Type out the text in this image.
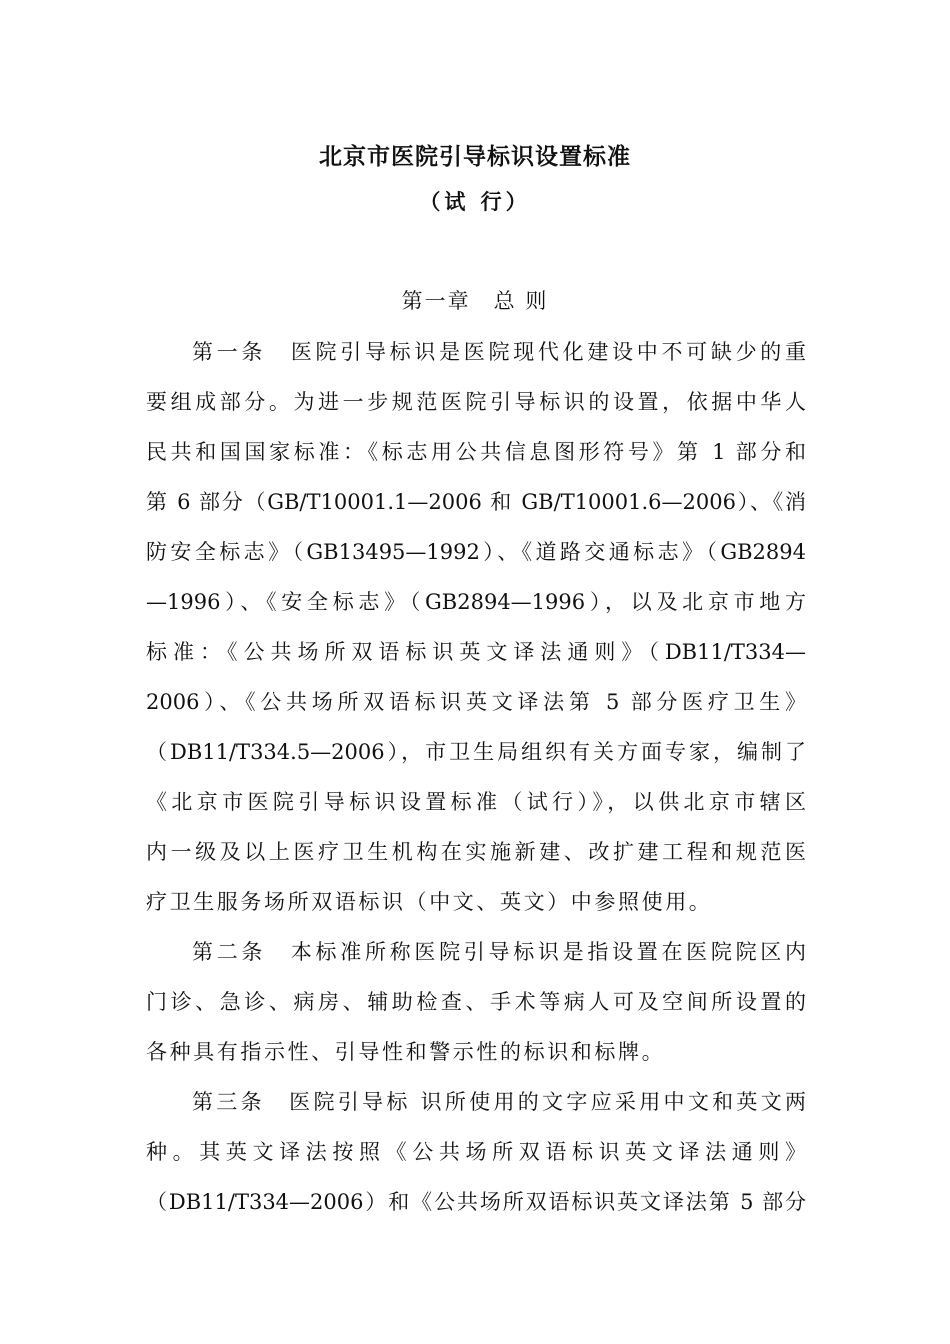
北京市医院引导标识设置标准
（试 行）
第一章　总 则
第一条　医院引导标识是医院现代化建设中不可缺少的重
要组成部分。为进一步规范医院引导标识的设置，依据中华人
民共和国国家标准：《标志用公共信息图形符号》第 1 部分和
第 6 部分（GB/T10001.1—2006 和 GB/T10001.6—2006）、《消
防安全标志》（GB13495—1992）、《道路交通标志》（GB2894
—1996）、《安全标志》（GB2894—1996），以及北京市地方
标准：《公共场所双语标识英文译法通则》（DB11/T334—
2006）、《公共场所双语标识英文译法第 5 部分医疗卫生》
（DB11/T334.5—2006），市卫生局组织有关方面专家，编制了
《北京市医院引导标识设置标准（试行）》，以供北京市辖区
内一级及以上医疗卫生机构在实施新建、改扩建工程和规范医
疗卫生服务场所双语标识（中文、英文）中参照使用。
第二条　本标准所称医院引导标识是指设置在医院院区内
门诊、急诊、病房、辅助检查、手术等病人可及空间所设置的
各种具有指示性、引导性和警示性的标识和标牌。
第三条　医院引导标 识所使用的文字应采用中文和英文两
种。其英文译法按照《公共场所双语标识英文译法通则》
（DB11/T334—2006）和《公共场所双语标识英文译法第 5 部分
